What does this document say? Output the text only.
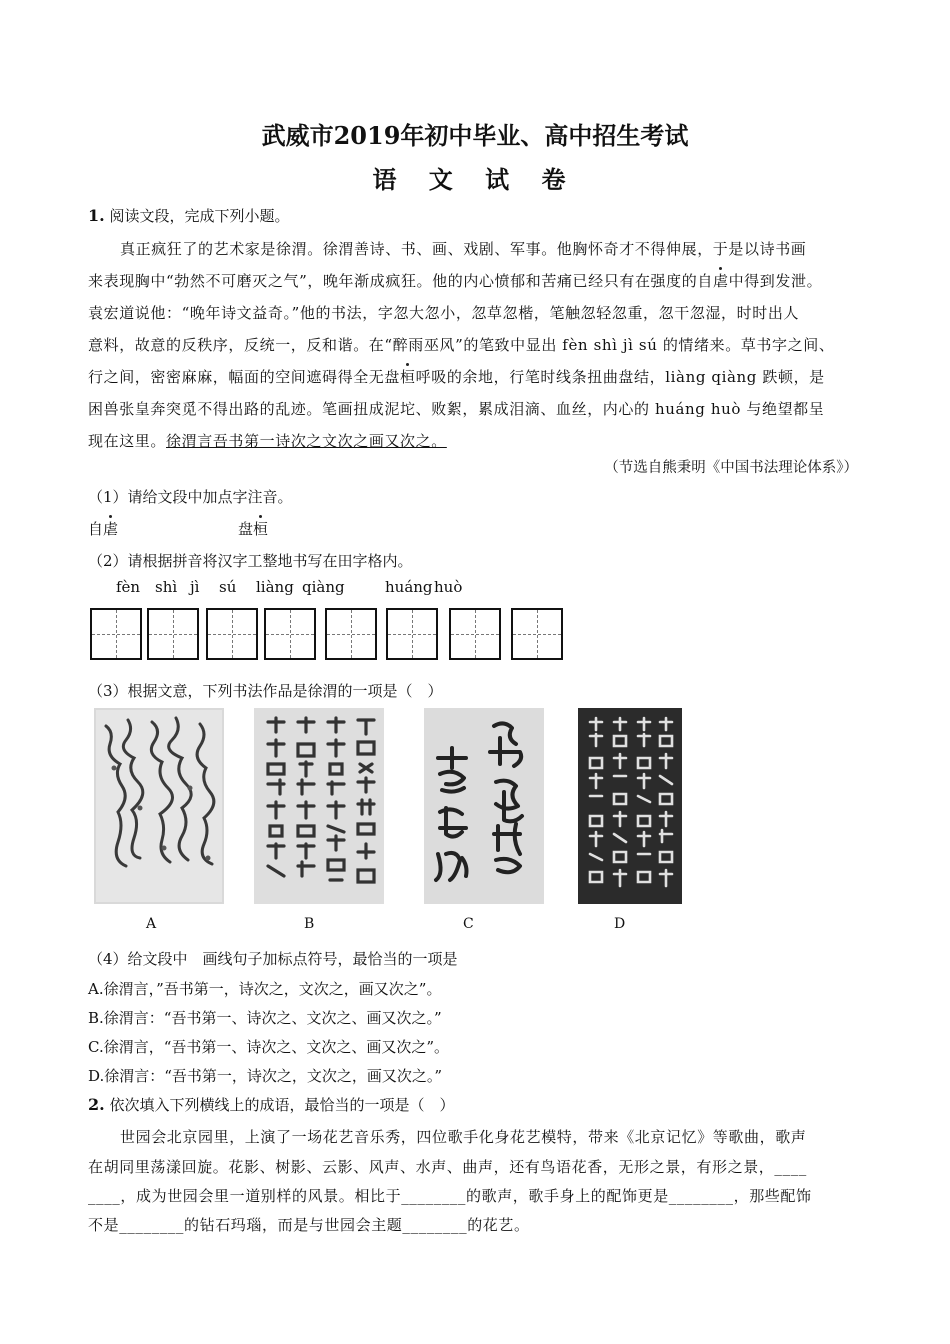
武威市2019年初中毕业、高中招生考试
语 文 试 卷
1. 阅读文段，完成下列小题。
真正疯狂了的艺术家是徐渭。徐渭善诗、书、画、戏剧、军事。他胸怀奇才不得伸展，于是以诗书画
来表现胸中“勃然不可磨灭之气”，晚年渐成疯狂。他的内心愤郁和苦痛已经只有在强度的自虐中得到发泄。
袁宏道说他：“晚年诗文益奇。”他的书法，字忽大忽小，忽草忽楷，笔触忽轻忽重，忽干忽湿，时时出人
意料，故意的反秩序，反统一，反和谐。在“醉雨巫风”的笔致中显出 fèn shì jì sú 的情绪来。草书字之间、
行之间，密密麻麻，幅面的空间遮碍得全无盘桓呼吸的余地，行笔时线条扭曲盘结，liàng qiàng 跌顿，是
困兽张皇奔突觅不得出路的乱迹。笔画扭成泥坨、败絮，累成泪滴、血丝，内心的 huáng huò 与绝望都呈
现在这里。徐渭言吾书第一诗次之文次之画又次之。
（节选自熊秉明《中国书法理论体系》）
（1）请给文段中加点字注音。
自虐	盘桓
（2）请根据拼音将汉字工整地书写在田字格内。
fèn shì jì sú liàng qiàng	huáng huò
（3）根据文意，下列书法作品是徐渭的一项是（　）
A	B	C	D
（4）给文段中　画线句子加标点符号，最恰当的一项是
A.徐渭言，”吾书第一，诗次之，文次之，画又次之”。
B.徐渭言：“吾书第一、诗次之、文次之、画又次之。”
C.徐渭言，“吾书第一、诗次之、文次之、画又次之”。
D.徐渭言：“吾书第一，诗次之，文次之，画又次之。”
2. 依次填入下列横线上的成语，最恰当的一项是（　）
世园会北京园里，上演了一场花艺音乐秀，四位歌手化身花艺模特，带来《北京记忆》等歌曲，歌声
在胡同里荡漾回旋。花影、树影、云影、风声、水声、曲声，还有鸟语花香，无形之景，有形之景，____
____，成为世园会里一道别样的风景。相比于________的歌声，歌手身上的配饰更是________，那些配饰
不是________的钻石玛瑙，而是与世园会主题________的花艺。
